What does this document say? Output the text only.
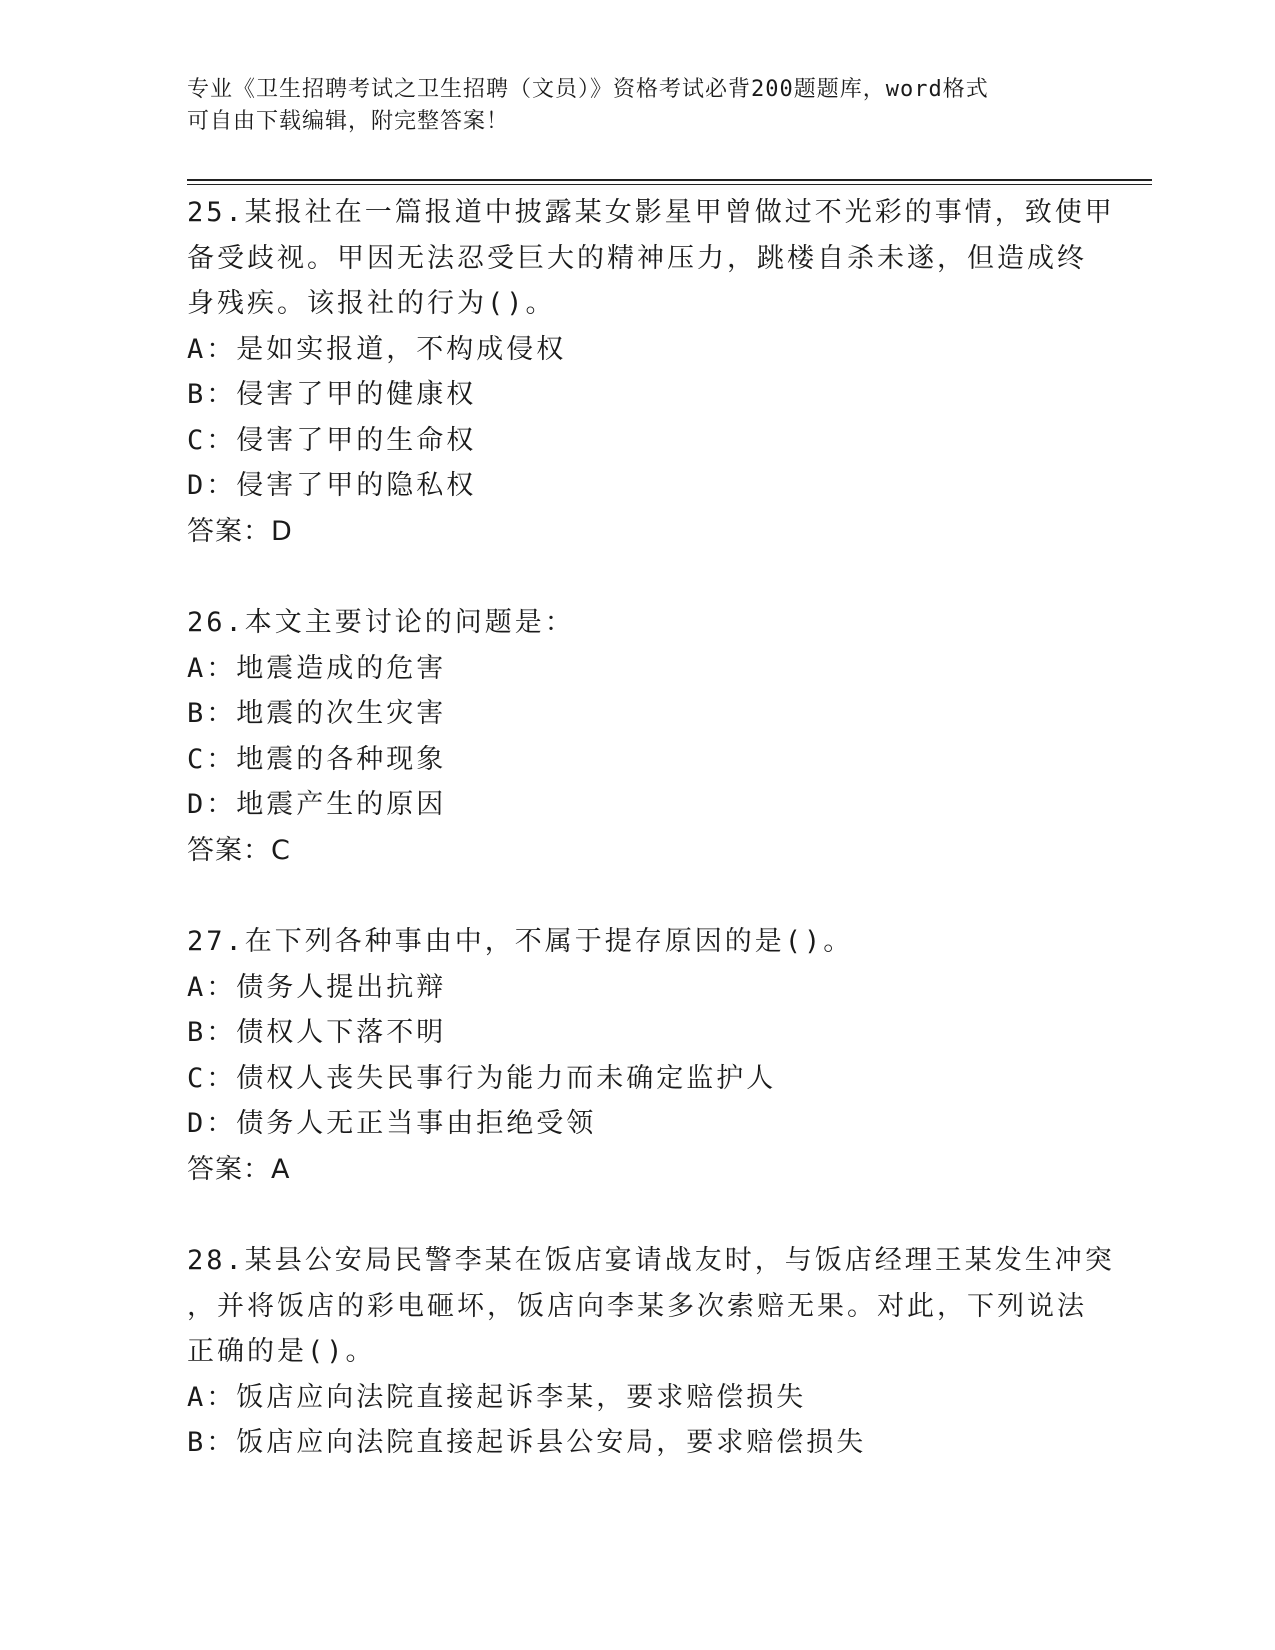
专业《卫生招聘考试之卫生招聘（文员）》资格考试必背200题题库，word格式
可自由下载编辑，附完整答案！
25.某报社在一篇报道中披露某女影星甲曾做过不光彩的事情，致使甲
备受歧视。甲因无法忍受巨大的精神压力，跳楼自杀未遂，但造成终
身残疾。该报社的行为()。
A：是如实报道，不构成侵权
B：侵害了甲的健康权
C：侵害了甲的生命权
D：侵害了甲的隐私权
答案：D
26.本文主要讨论的问题是：
A：地震造成的危害
B：地震的次生灾害
C：地震的各种现象
D：地震产生的原因
答案：C
27.在下列各种事由中，不属于提存原因的是()。
A：债务人提出抗辩
B：债权人下落不明
C：债权人丧失民事行为能力而未确定监护人
D：债务人无正当事由拒绝受领
答案：A
28.某县公安局民警李某在饭店宴请战友时，与饭店经理王某发生冲突
，并将饭店的彩电砸坏，饭店向李某多次索赔无果。对此，下列说法
正确的是()。
A：饭店应向法院直接起诉李某，要求赔偿损失
B：饭店应向法院直接起诉县公安局，要求赔偿损失
